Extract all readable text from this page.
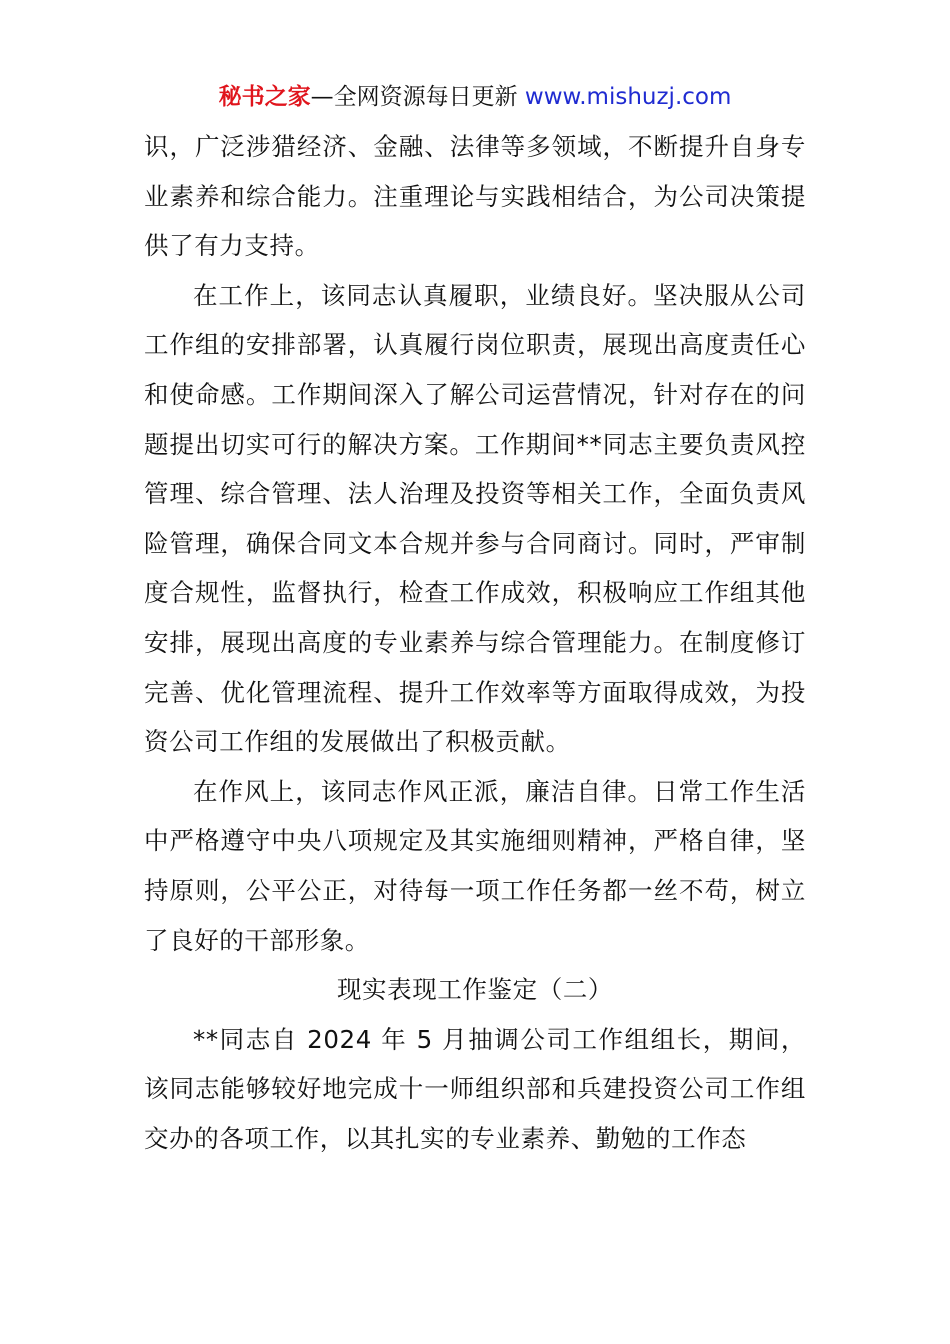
秘书之家—全网资源每日更新 www.mishuzj.com

识，广泛涉猎经济、金融、法律等多领域，不断提升自身专业素养和综合能力。注重理论与实践相结合，为公司决策提供了有力支持。

在工作上，该同志认真履职，业绩良好。坚决服从公司工作组的安排部署，认真履行岗位职责，展现出高度责任心和使命感。工作期间深入了解公司运营情况，针对存在的问题提出切实可行的解决方案。工作期间**同志主要负责风控管理、综合管理、法人治理及投资等相关工作，全面负责风险管理，确保合同文本合规并参与合同商讨。同时，严审制度合规性，监督执行，检查工作成效，积极响应工作组其他安排，展现出高度的专业素养与综合管理能力。在制度修订完善、优化管理流程、提升工作效率等方面取得成效，为投资公司工作组的发展做出了积极贡献。

在作风上，该同志作风正派，廉洁自律。日常工作生活中严格遵守中央八项规定及其实施细则精神，严格自律，坚持原则，公平公正，对待每一项工作任务都一丝不苟，树立了良好的干部形象。

现实表现工作鉴定（二）

**同志自 2024 年 5 月抽调公司工作组组长，期间，该同志能够较好地完成十一师组织部和兵建投资公司工作组交办的各项工作，以其扎实的专业素养、勤勉的工作态
